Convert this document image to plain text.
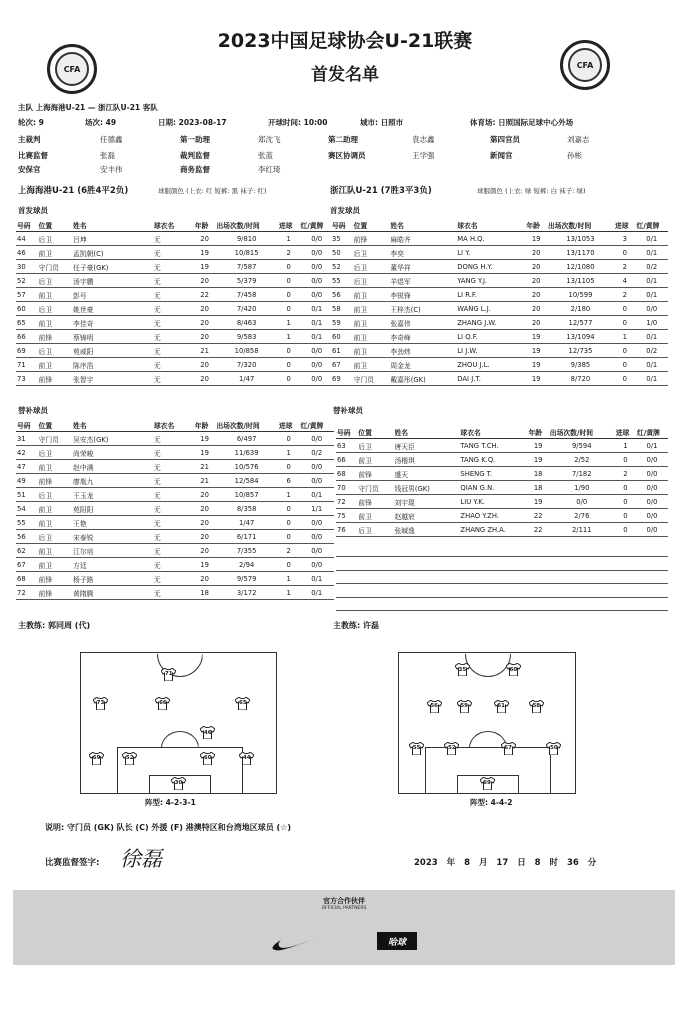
2023中国足球协会U-21联赛
首发名单
CFA	CFA
主队 上海海港U-21 — 浙江队U-21 客队
轮次: 9	场次: 49	日期: 2023-08-17	开球时间: 10:00	城市: 日照市	体育场: 日照国际足球中心外场
主裁判	任德鑫	第一助理	郑沈飞	第二助理	袁志鑫	第四官员	刘嘉志
比赛监督	张磊	裁判监督	张蓝	赛区协调员	王学强	新闻官	孙彬
安保官	安丰伟	商务监督	李红琦
上海海港U-21 (6胜4平2负)	球服颜色 (上衣: 红 短裤: 黑 袜子: 红)	浙江队U-21 (7胜3平3负)	球服颜色 (上衣: 绿 短裤: 白 袜子: 绿)
首发球员	首发球员
号码	位置	姓名	球衣名	年龄	出场次数/时间	进球	红/黄牌
44	后卫	吕坤	无	20	9/810	1	0/0
46	前卫	孟凯朝(C)	无	19	10/815	2	0/0
30	守门员	任子豪(GK)	无	19	7/587	0	0/0
52	后卫	汤宇鹏	无	20	5/379	0	0/0
57	前卫	彭号	无	22	7/458	0	0/0
60	后卫	姚世豪	无	20	7/420	0	0/1
65	前卫	李佳奇	无	20	8/463	1	0/1
66	前锋	蔡锦明	无	20	9/583	1	0/1
69	后卫	苑威阳	无	21	10/858	0	0/0
71	前卫	陈序浩	无	20	7/320	0	0/0
73	前锋	张智宇	无	20	1/47	0	0/0
号码	位置	姓名	球衣名	年龄	出场次数/时间	进球	红/黄牌
35	前锋	麻皓齐	MA H.Q.	19	13/1053	3	0/1
50	后卫	李奕	LI Y.	20	13/1170	0	0/1
52	后卫	董华祥	DONG H.Y.	20	12/1080	2	0/2
55	后卫	羊煜军	YANG Y.J.	20	13/1105	4	0/1
56	前卫	李锐锋	LI R.F.	20	10/599	2	0/1
58	前卫	王梓杰(C)	WANG L.J.	20	2/180	0	0/0
59	前卫	张嘉伟	ZHANG J.W.	20	12/577	0	1/0
60	前卫	李奇峰	LI Q.F.	19	13/1094	1	0/1
61	前卫	李劲炜	LI J.W.	19	12/735	0	0/2
67	前卫	周金龙	ZHOU J.L.	19	9/385	0	0/1
69	守门员	戴嘉彤(GK)	DAI J.T.	19	8/720	0	0/1
替补球员	替补球员
号码	位置	姓名	球衣名	年龄	出场次数/时间	进球	红/黄牌
31	守门员	吴安杰(GK)	无	19	6/497	0	0/0
42	后卫	尚荣峻	无	19	11/639	1	0/2
47	前卫	赵中满	无	21	10/576	0	0/0
49	前锋	廖胤九	无	21	12/584	6	0/0
51	后卫	王玉龙	无	20	10/857	1	0/1
54	前卫	苑阳阳	无	20	8/358	0	1/1
55	前卫	王艳	无	20	1/47	0	0/0
56	后卫	宋泰锐	无	20	6/171	0	0/0
62	前卫	江尔培	无	20	7/355	2	0/0
67	前卫	方廷	无	19	2/94	0	0/0
68	前锋	杨子路	无	20	9/579	1	0/1
72	前锋	黄隋腾	无	18	3/172	1	0/1
号码	位置	姓名	球衣名	年龄	出场次数/时间	进球	红/黄牌
63	后卫	唐天臣	TANG T.CH.	19	9/594	1	0/1
66	前卫	汤楷琪	TANG K.Q.	19	2/52	0	0/0
68	前锋	盛天	SHENG T.	18	7/182	2	0/0
70	守门员	钱冠男(GK)	QIAN G.N.	18	1/90	0	0/0
72	前锋	刘宇琨	LIU Y.K.	19	0/0	0	0/0
75	前卫	赵越宸	ZHAO Y.ZH.	22	2/76	0	0/0
76	后卫	张缄逸	ZHANG ZH.A.	22	2/111	0	0/0
主教练: 郭同周 (代)	主教练: 许磊
71
73	66	65
46
69	52	60	44
30
35	60
56	59	61	58
55	52	67	50
69
阵型: 4-2-3-1	阵型: 4-4-2
说明: 守门员 (GK) 队长 (C) 外援 (F) 港澳特区和台湾地区球员 (☆)
比赛监督签字: 徐磊	2023 年 8 月 17 日 8 时 36 分
官方合作伙伴
OFFICIAL PARTNERS
哈球
